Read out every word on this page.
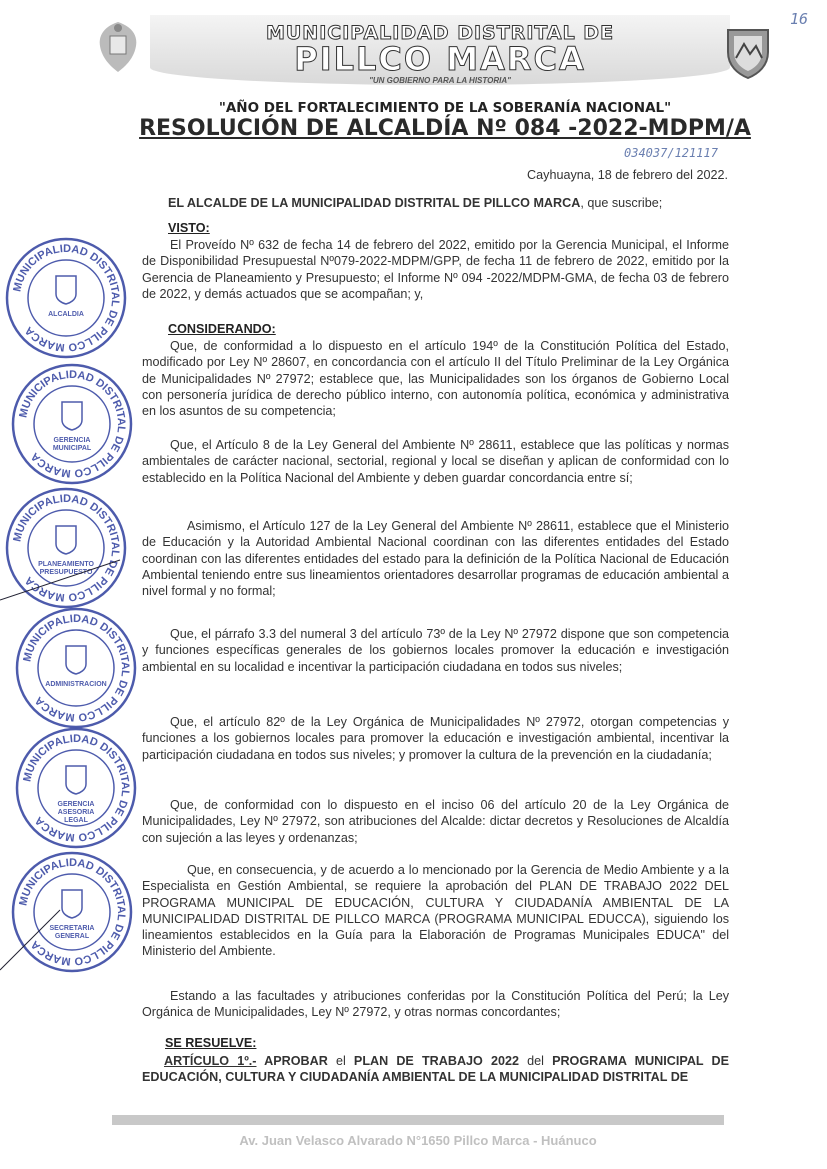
MUNICIPALIDAD DISTRITAL DE
PILLCO MARCA
"UN GOBIERNO PARA LA HISTORIA"
16
"AÑO DEL FORTALECIMIENTO DE LA SOBERANÍA NACIONAL"
RESOLUCIÓN DE ALCALDÍA Nº 084 -2022-MDPM/A
034037/121117
Cayhuayna, 18 de febrero del 2022.
EL ALCALDE DE LA MUNICIPALIDAD DISTRITAL DE PILLCO MARCA, que suscribe;
VISTO:
El Proveído Nº 632 de fecha 14 de febrero del 2022, emitido por la Gerencia Municipal, el Informe de Disponibilidad Presupuestal Nº079-2022-MDPM/GPP, de fecha 11 de febrero de 2022, emitido por la Gerencia de Planeamiento y Presupuesto; el Informe Nº 094 -2022/MDPM-GMA, de fecha 03 de febrero de 2022, y demás actuados que se acompañan; y,
CONSIDERANDO:
Que, de conformidad a lo dispuesto en el artículo 194º de la Constitución Política del Estado, modificado por Ley Nº 28607, en concordancia con el artículo II del Título Preliminar de la Ley Orgánica de Municipalidades Nº 27972; establece que, las Municipalidades son los órganos de Gobierno Local con personería jurídica de derecho público interno, con autonomía política, económica y administrativa en los asuntos de su competencia;
Que, el Artículo 8 de la Ley General del Ambiente Nº 28611, establece que las políticas y normas ambientales de carácter nacional, sectorial, regional y local se diseñan y aplican de conformidad con lo establecido en la Política Nacional del Ambiente y deben guardar concordancia entre sí;
Asimismo, el Artículo 127 de la Ley General del Ambiente Nº 28611, establece que el Ministerio de Educación y la Autoridad Ambiental Nacional coordinan con las diferentes entidades del Estado coordinan con las diferentes entidades del estado para la definición de la Política Nacional de Educación Ambiental teniendo entre sus lineamientos orientadores desarrollar programas de educación ambiental a nivel formal y no formal;
Que, el párrafo 3.3 del numeral 3 del artículo 73º de la Ley Nº 27972 dispone que son competencia y funciones específicas generales de los gobiernos locales promover la educación e investigación ambiental en su localidad e incentivar la participación ciudadana en todos sus niveles;
Que, el artículo 82º de la Ley Orgánica de Municipalidades Nº 27972, otorgan competencias y funciones a los gobiernos locales para promover la educación e investigación ambiental, incentivar la participación ciudadana en todos sus niveles; y promover la cultura de la prevención en la ciudadanía;
Que, de conformidad con lo dispuesto en el inciso 06 del artículo 20 de la Ley Orgánica de Municipalidades, Ley Nº 27972, son atribuciones del Alcalde: dictar decretos y Resoluciones de Alcaldía con sujeción a las leyes y ordenanzas;
Que, en consecuencia, y de acuerdo a lo mencionado por la Gerencia de Medio Ambiente y a la Especialista en Gestión Ambiental, se requiere la aprobación del PLAN DE TRABAJO 2022 DEL PROGRAMA MUNICIPAL DE EDUCACIÓN, CULTURA Y CIUDADANÍA AMBIENTAL DE LA MUNICIPALIDAD DISTRITAL DE PILLCO MARCA (PROGRAMA MUNICIPAL EDUCCA), siguiendo los lineamientos establecidos en la Guía para la Elaboración de Programas Municipales EDUCA" del Ministerio del Ambiente.
Estando a las facultades y atribuciones conferidas por la Constitución Política del Perú; la Ley Orgánica de Municipalidades, Ley Nº 27972, y otras normas concordantes;
SE RESUELVE:
ARTÍCULO 1º.- APROBAR el PLAN DE TRABAJO 2022 del PROGRAMA MUNICIPAL DE EDUCACIÓN, CULTURA Y CIUDADANÍA AMBIENTAL DE LA MUNICIPALIDAD DISTRITAL DE
MUNICIPALIDAD DISTRITAL DE PILLCO MARCA
ALCALDIA
MUNICIPALIDAD DISTRITAL DE PILLCO MARCA
GERENCIA
MUNICIPAL
MUNICIPALIDAD DISTRITAL DE PILLCO MARCA
PLANEAMIENTO
PRESUPUESTO
MUNICIPALIDAD DISTRITAL DE PILLCO MARCA
ADMINISTRACION
MUNICIPALIDAD DISTRITAL DE PILLCO MARCA
GERENCIA
ASESORIA
LEGAL
MUNICIPALIDAD DISTRITAL DE PILLCO MARCA
SECRETARIA
GENERAL
Av. Juan Velasco Alvarado N°1650 Pillco Marca - Huánuco
